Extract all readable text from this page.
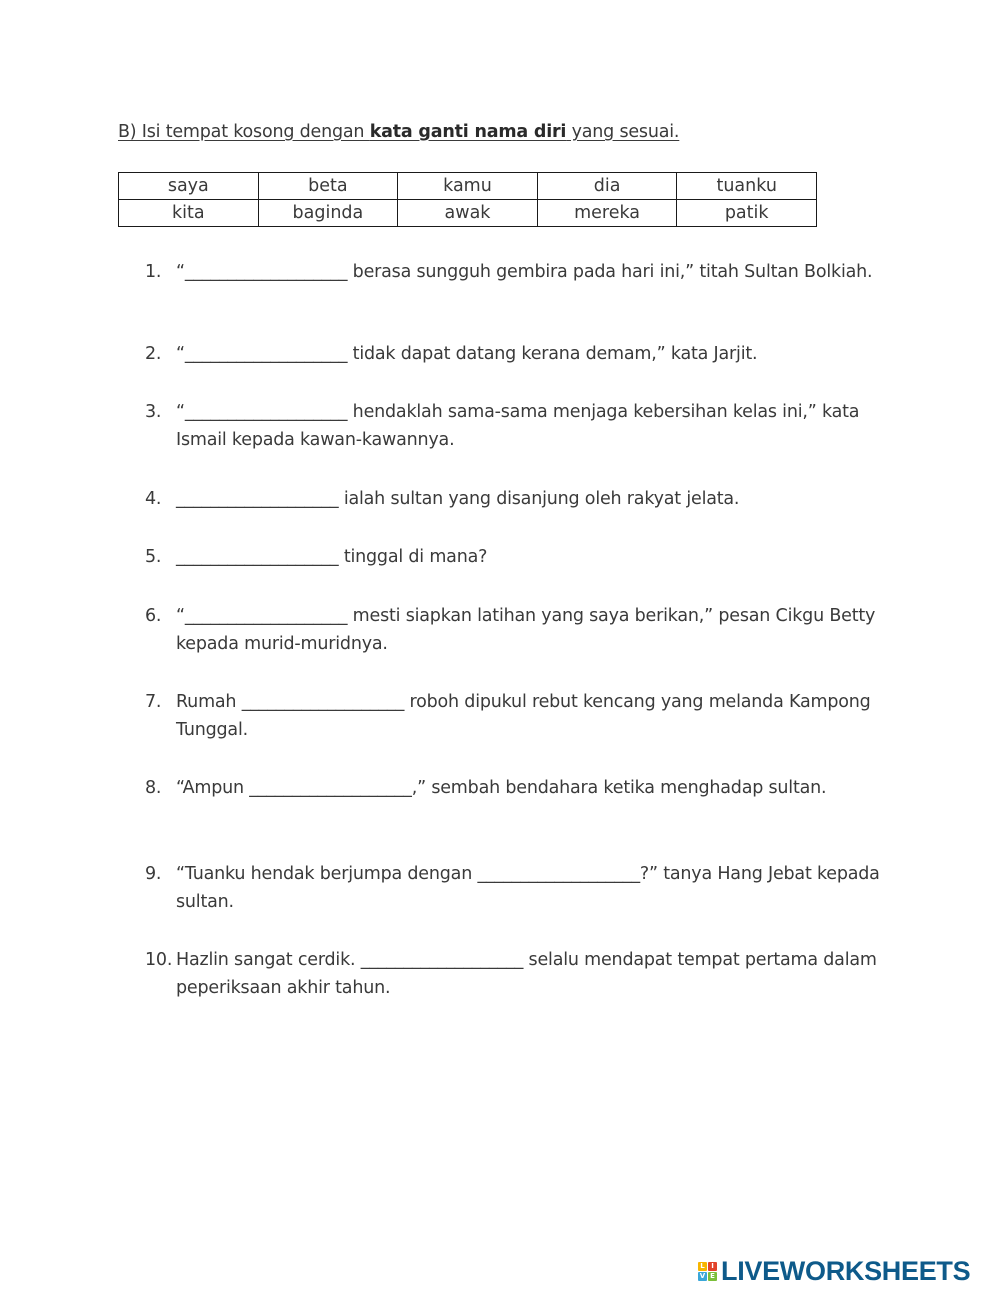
B) Isi tempat kosong dengan kata ganti nama diri yang sesuai.
saya	beta	kamu	dia	tuanku
kita	baginda	awak	mereka	patik
1. “___________________ berasa sungguh gembira pada hari ini,” titah Sultan Bolkiah.
2. “___________________ tidak dapat datang kerana demam,” kata Jarjit.
3. “___________________ hendaklah sama-sama menjaga kebersihan kelas ini,” kata Ismail kepada kawan-kawannya.
4. ___________________ ialah sultan yang disanjung oleh rakyat jelata.
5. ___________________ tinggal di mana?
6. “___________________ mesti siapkan latihan yang saya berikan,” pesan Cikgu Betty kepada murid-muridnya.
7. Rumah ___________________ roboh dipukul rebut kencang yang melanda Kampong Tunggal.
8. “Ampun ___________________,” sembah bendahara ketika menghadap sultan.
9. “Tuanku hendak berjumpa dengan ___________________?” tanya Hang Jebat kepada sultan.
10. Hazlin sangat cerdik. ___________________ selalu mendapat tempat pertama dalam peperiksaan akhir tahun.
L I
V E LIVEWORKSHEETS
